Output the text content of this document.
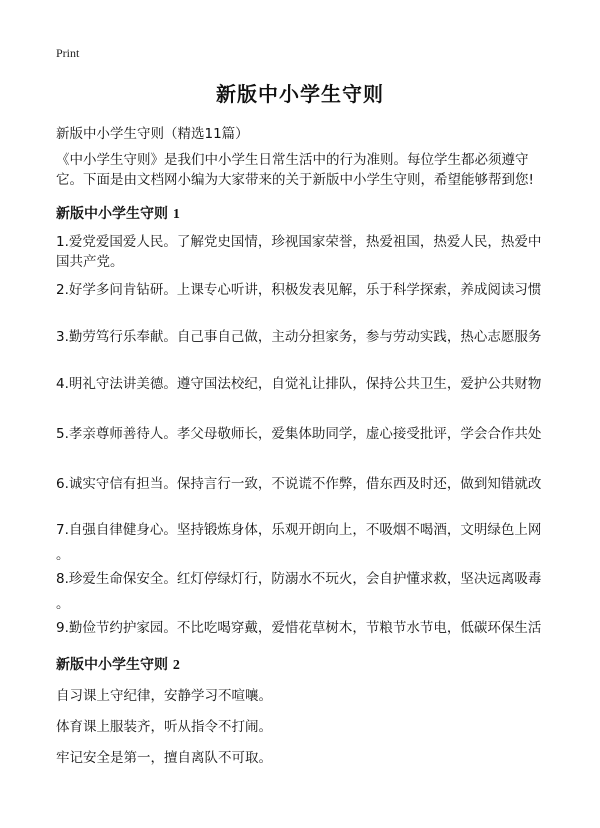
Print
新版中小学生守则

新版中小学生守则（精选11篇）

《中小学生守则》是我们中小学生日常生活中的行为准则。每位学生都必须遵守它。下面是由文档网小编为大家带来的关于新版中小学生守则，希望能够帮到您!

新版中小学生守则 1

1.爱党爱国爱人民。了解党史国情，珍视国家荣誉，热爱祖国，热爱人民，热爱中国共产党。

2.好学多问肯钻研。上课专心听讲，积极发表见解，乐于科学探索，养成阅读习惯
3.勤劳笃行乐奉献。自己事自己做，主动分担家务，参与劳动实践，热心志愿服务
4.明礼守法讲美德。遵守国法校纪，自觉礼让排队，保持公共卫生，爱护公共财物
5.孝亲尊师善待人。孝父母敬师长，爱集体助同学，虚心接受批评，学会合作共处
6.诚实守信有担当。保持言行一致，不说谎不作弊，借东西及时还，做到知错就改
7.自强自律健身心。坚持锻炼身体，乐观开朗向上，不吸烟不喝酒，文明绿色上网
。
8.珍爱生命保安全。红灯停绿灯行，防溺水不玩火，会自护懂求救，坚决远离吸毒
。
9.勤俭节约护家园。不比吃喝穿戴，爱惜花草树木，节粮节水节电，低碳环保生活
新版中小学生守则 2

自习课上守纪律，安静学习不喧嚷。

体育课上服装齐，听从指令不打闹。

牢记安全是第一，擅自离队不可取。
